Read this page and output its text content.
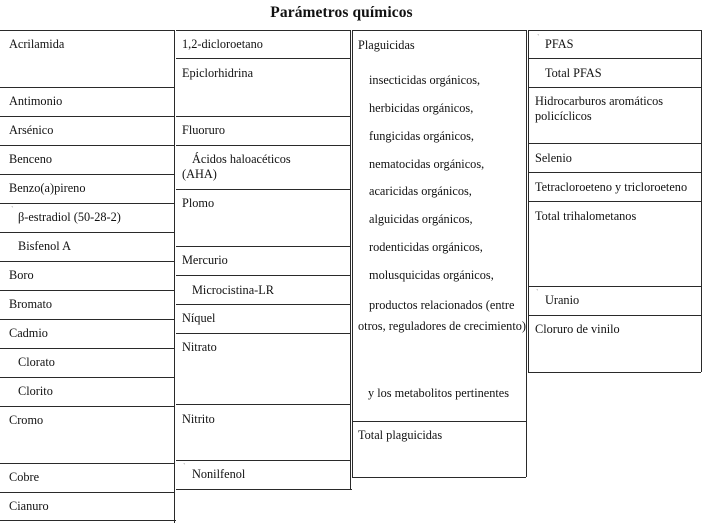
Parámetros químicos
Acrilamida
Antimonio
Arsénico
Benceno
Benzo(a)pireno
ˋ
β-estradiol (50-28-2)
Bisfenol A
Boro
Bromato
Cadmio
Clorato
Clorito
Cromo
Cobre
Cianuro
1,2-dicloroetano
Epiclorhidrina
Fluoruro
Ácidos haloacéticos (AHA)
Plomo
Mercurio
Microcistina-LR
Níquel
Nitrato
Nitrito
ˋ
Nonilfenol
Plaguicidas
insecticidas orgánicos,
herbicidas orgánicos,
fungicidas orgánicos,
nematocidas orgánicos,
acaricidas orgánicos,
alguicidas orgánicos,
rodenticidas orgánicos,
molusquicidas orgánicos,
productos relacionados (entre otros, reguladores de crecimiento)
y los metabolitos pertinentes
Total plaguicidas
ˋ PFAS
Total PFAS
Hidrocarburos aromáticos policíclicos
Selenio
Tetracloroeteno y tricloroeteno
Total trihalometanos
ˋ
Uranio
Cloruro de vinilo
